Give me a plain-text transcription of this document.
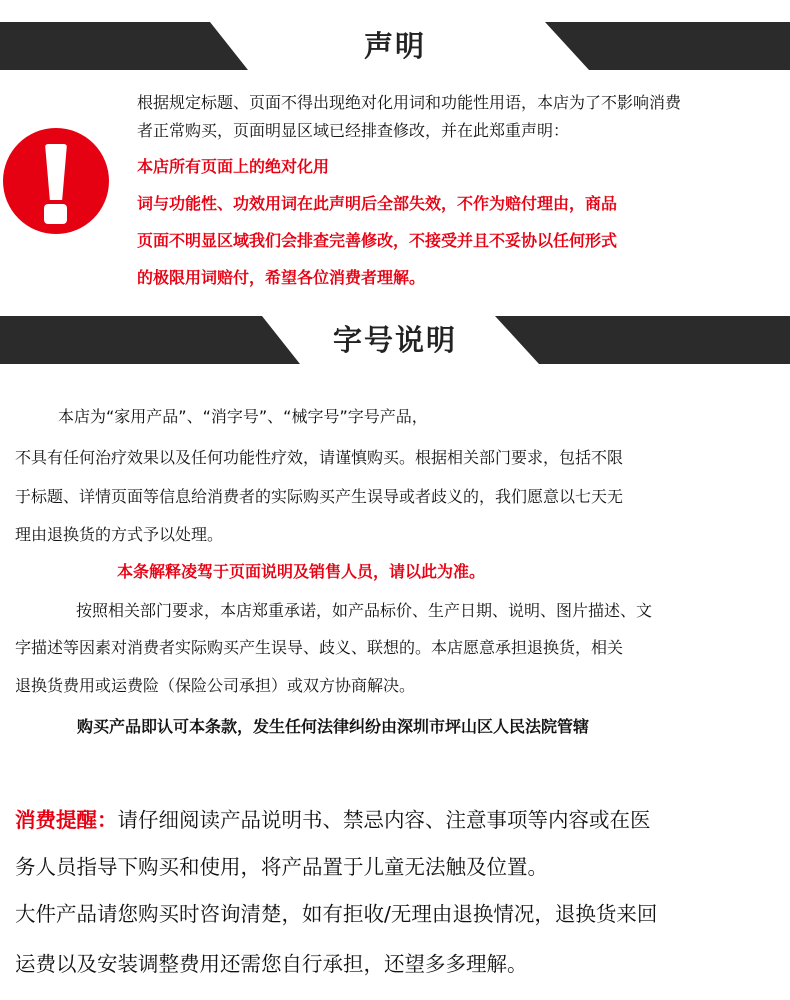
声明
根据规定标题、页面不得出现绝对化用词和功能性用语，本店为了不影响消费
者正常购买，页面明显区域已经排查修改，并在此郑重声明：
本店所有页面上的绝对化用
词与功能性、功效用词在此声明后全部失效，不作为赔付理由，商品
页面不明显区域我们会排查完善修改，不接受并且不妥协以任何形式
的极限用词赔付，希望各位消费者理解。
字号说明
本店为“家用产品”、“消字号”、“械字号”字号产品，
不具有任何治疗效果以及任何功能性疗效，请谨慎购买。根据相关部门要求，包括不限
于标题、详情页面等信息给消费者的实际购买产生误导或者歧义的，我们愿意以七天无
理由退换货的方式予以处理。
本条解释凌驾于页面说明及销售人员，请以此为准。
按照相关部门要求，本店郑重承诺，如产品标价、生产日期、说明、图片描述、文
字描述等因素对消费者实际购买产生误导、歧义、联想的。本店愿意承担退换货，相关
退换货费用或运费险（保险公司承担）或双方协商解决。
购买产品即认可本条款，发生任何法律纠纷由深圳市坪山区人民法院管辖
消费提醒：请仔细阅读产品说明书、禁忌内容、注意事项等内容或在医
务人员指导下购买和使用，将产品置于儿童无法触及位置。
大件产品请您购买时咨询清楚，如有拒收/无理由退换情况，退换货来回
运费以及安装调整费用还需您自行承担，还望多多理解。
